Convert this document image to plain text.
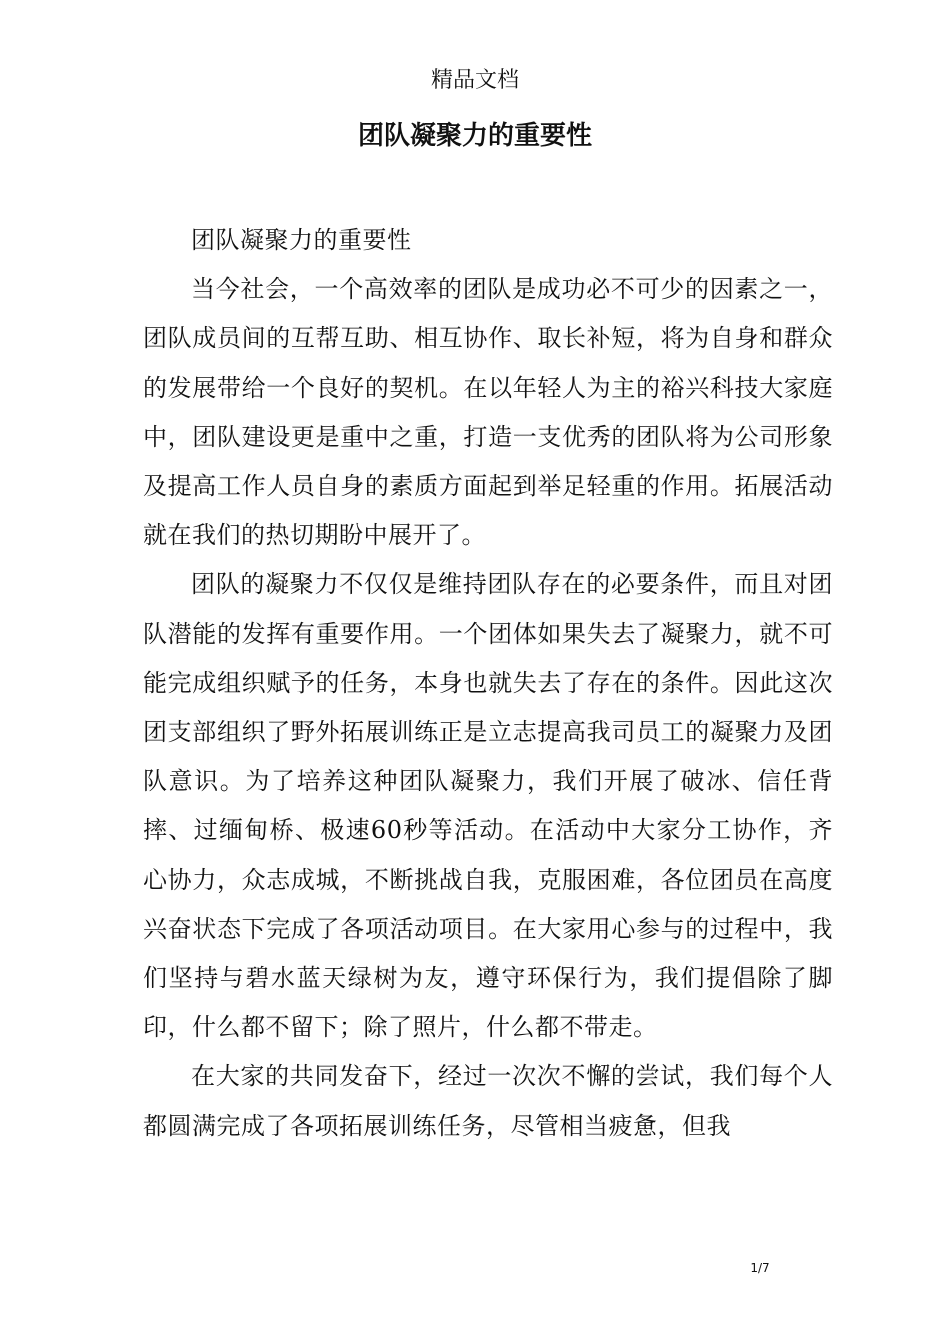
精品文档
团队凝聚力的重要性

团队凝聚力的重要性

当今社会，一个高效率的团队是成功必不可少的因素之一，团队成员间的互帮互助、相互协作、取长补短，将为自身和群众的发展带给一个良好的契机。在以年轻人为主的裕兴科技大家庭中，团队建设更是重中之重，打造一支优秀的团队将为公司形象及提高工作人员自身的素质方面起到举足轻重的作用。拓展活动就在我们的热切期盼中展开了。

团队的凝聚力不仅仅是维持团队存在的必要条件，而且对团队潜能的发挥有重要作用。一个团体如果失去了凝聚力，就不可能完成组织赋予的任务，本身也就失去了存在的条件。因此这次团支部组织了野外拓展训练正是立志提高我司员工的凝聚力及团队意识。为了培养这种团队凝聚力，我们开展了破冰、信任背摔、过缅甸桥、极速60秒等活动。在活动中大家分工协作，齐心协力，众志成城，不断挑战自我，克服困难，各位团员在高度兴奋状态下完成了各项活动项目。在大家用心参与的过程中，我们坚持与碧水蓝天绿树为友，遵守环保行为，我们提倡除了脚印，什么都不留下；除了照片，什么都不带走。

在大家的共同发奋下，经过一次次不懈的尝试，我们每个人都圆满完成了各项拓展训练任务，尽管相当疲惫，但我

1/7
